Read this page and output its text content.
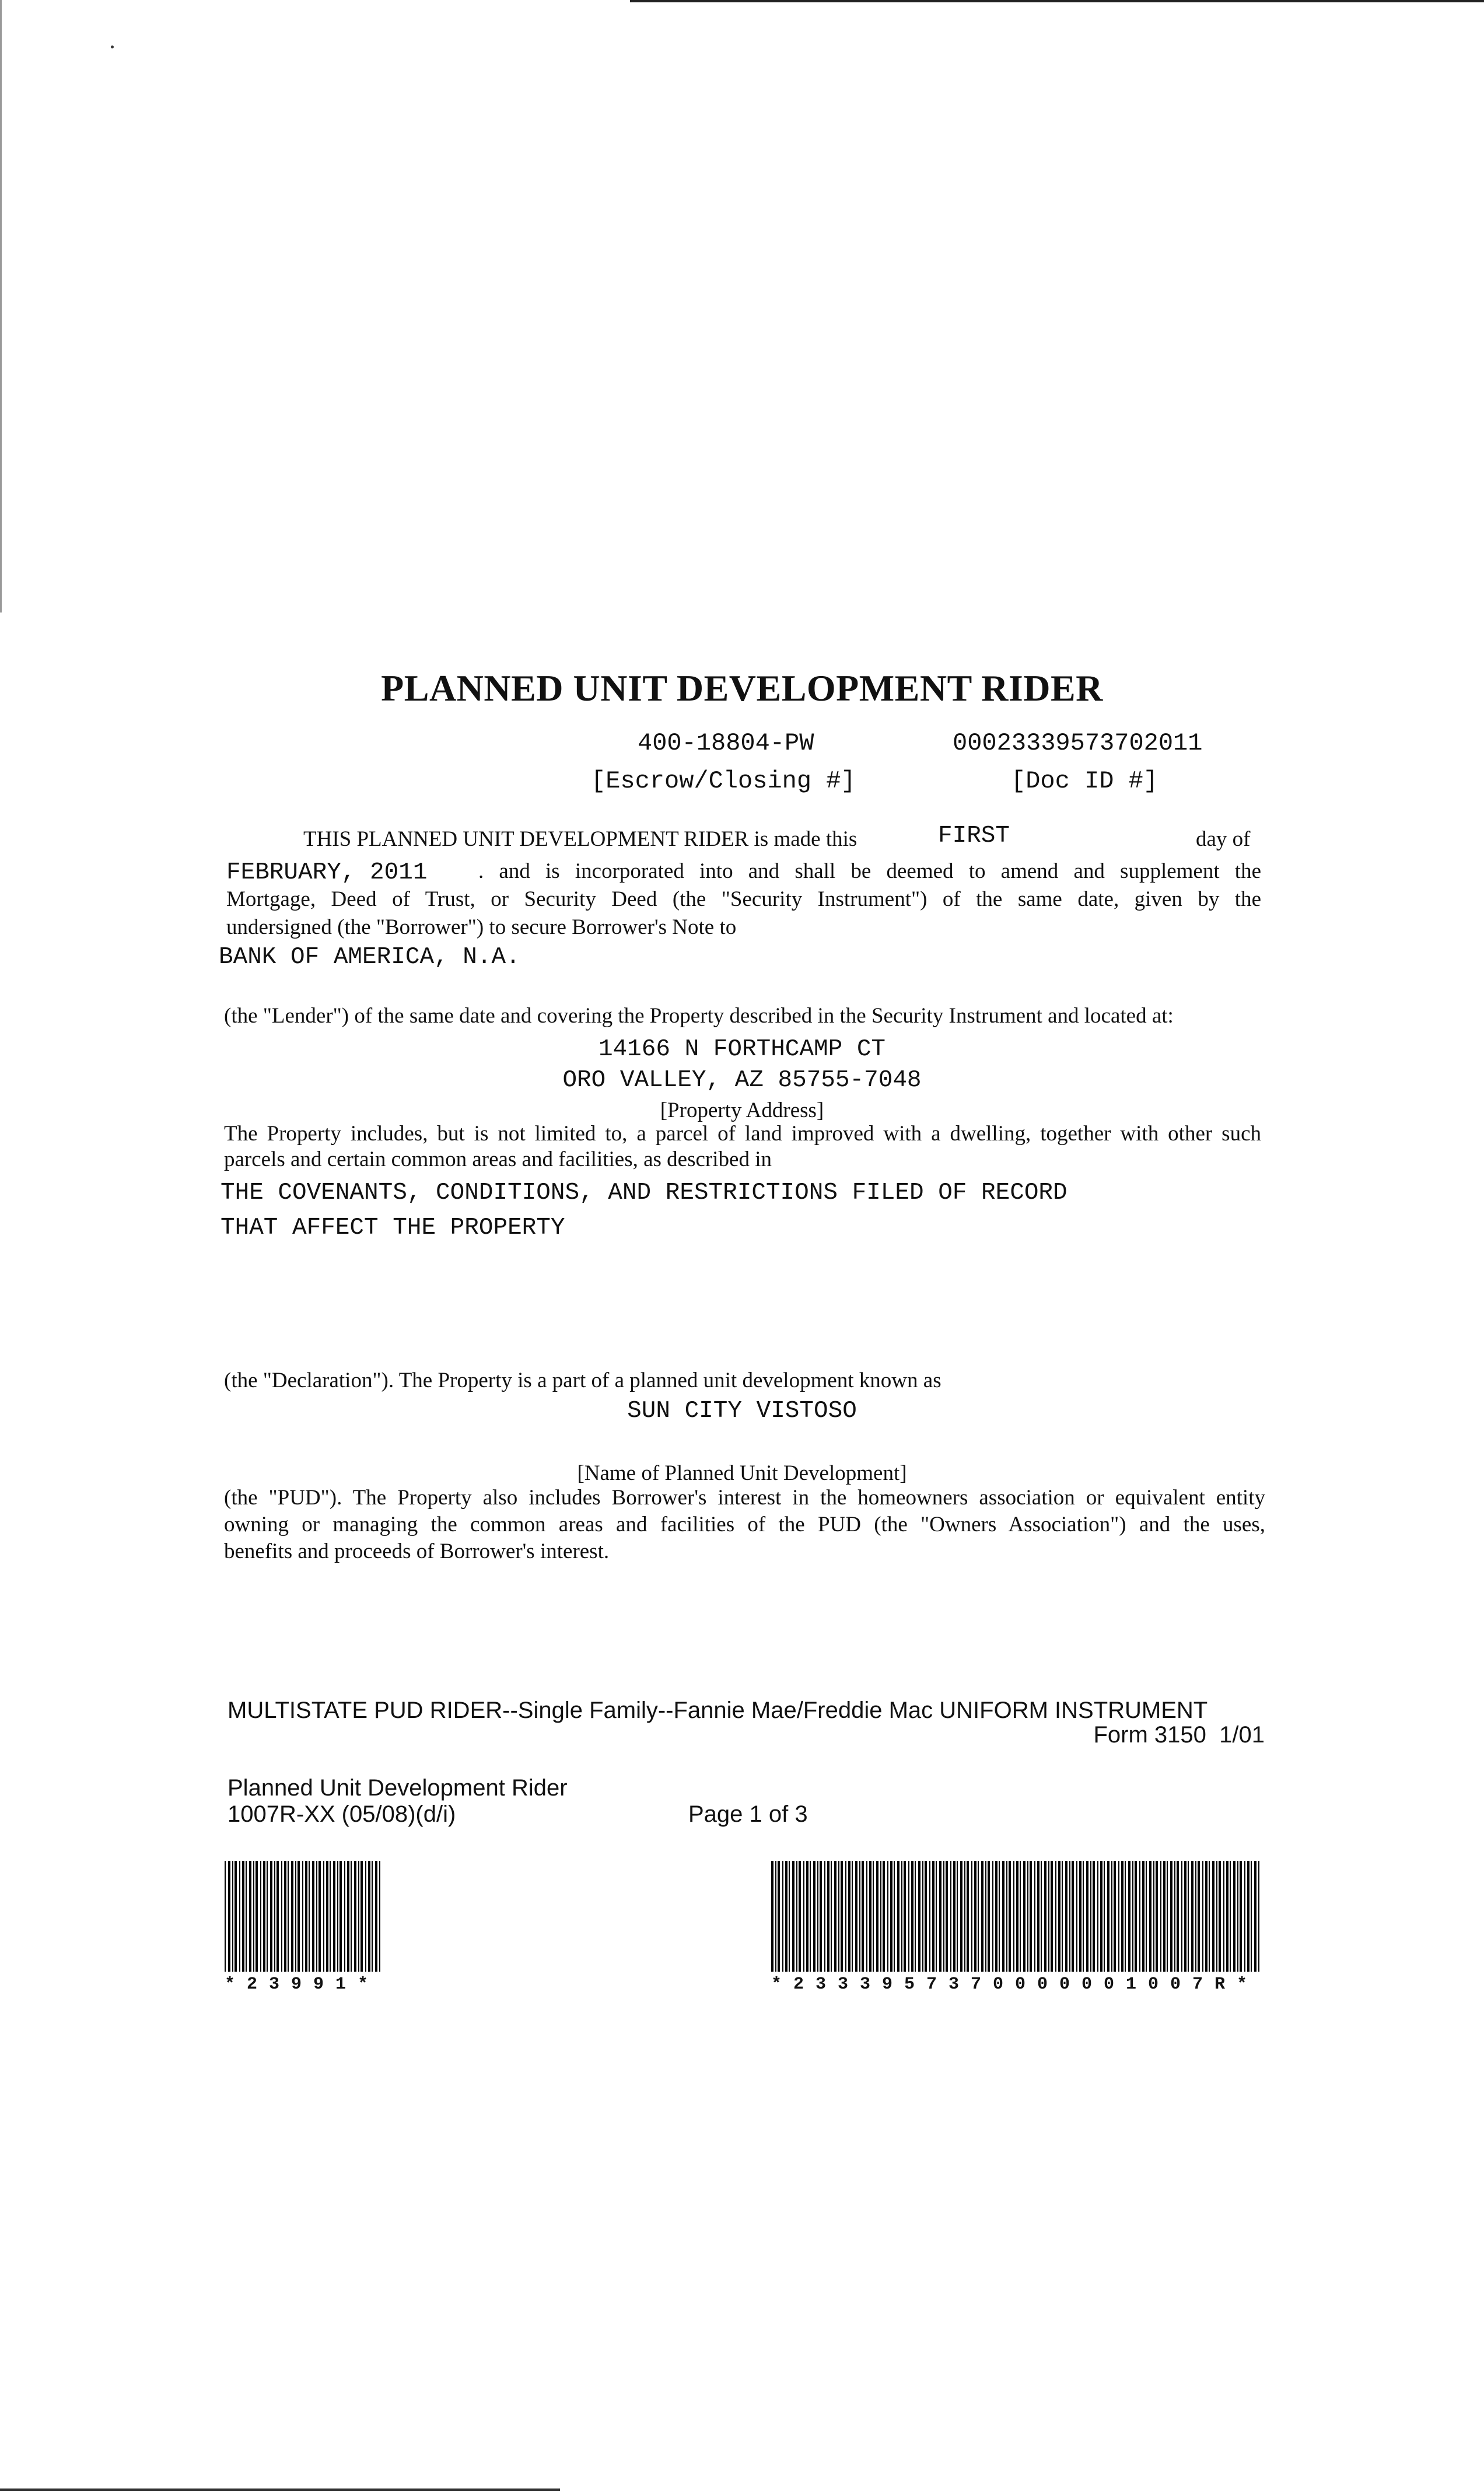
PLANNED UNIT DEVELOPMENT RIDER
400-18804-PW	00023339573702011
[Escrow/Closing #]	[Doc ID #]
THIS PLANNED UNIT DEVELOPMENT RIDER is made this	FIRST	day of
FEBRUARY, 2011 . and is incorporated into and shall be deemed to amend and supplement the
Mortgage, Deed of Trust, or Security Deed (the "Security Instrument") of the same date, given by the
undersigned (the "Borrower") to secure Borrower's Note to
BANK OF AMERICA, N.A.
(the "Lender") of the same date and covering the Property described in the Security Instrument and located at:
14166 N FORTHCAMP CT
ORO VALLEY, AZ 85755-7048
[Property Address]
The Property includes, but is not limited to, a parcel of land improved with a dwelling, together with other such
parcels and certain common areas and facilities, as described in
THE COVENANTS, CONDITIONS, AND RESTRICTIONS FILED OF RECORD
THAT AFFECT THE PROPERTY
(the "Declaration"). The Property is a part of a planned unit development known as
SUN CITY VISTOSO
[Name of Planned Unit Development]
(the "PUD"). The Property also includes Borrower's interest in the homeowners association or equivalent entity
owning or managing the common areas and facilities of the PUD (the "Owners Association") and the uses,
benefits and proceeds of Borrower's interest.
MULTISTATE PUD RIDER--Single Family--Fannie Mae/Freddie Mac UNIFORM INSTRUMENT
Form 3150  1/01
Planned Unit Development Rider
1007R-XX (05/08)(d/i)	Page 1 of 3
*23991*	*2333957370000001007R*
